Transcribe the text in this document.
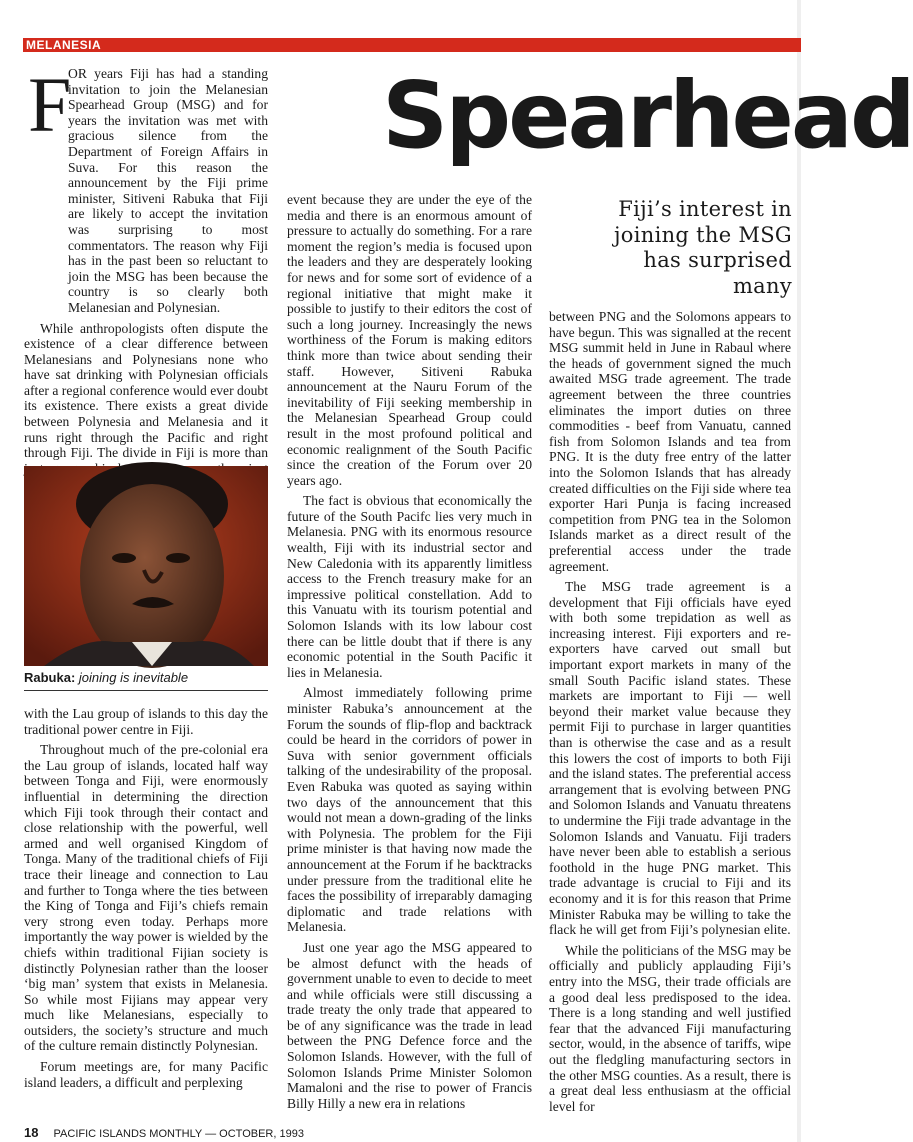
MELANESIA
Spearhead
F

OR years Fiji has had a standing invitation to join the Melanesian Spearhead Group (MSG) and for years the invitation was met with gracious silence from the Department of Foreign Affairs in Suva. For this reason the announcement by the Fiji prime minister, Sitiveni Rabuka that Fiji are likely to accept the invitation was surprising to most commentators. The reason why Fiji has in the past been so reluctant to join the MSG has been because the country is so clearly both Melanesian and Polynesian.

While anthropologists often dispute the existence of a clear difference between Melanesians and Polynesians none who have sat drinking with Polynesian officials after a regional conference would ever doubt its existence. There exists a great divide between Polynesia and Melanesia and it runs right through the Pacific and right through Fiji. The divide in Fiji is more than

Rabuka: joining is inevitable

with the Lau group of islands to this day the traditional power centre in Fiji.

Throughout much of the pre-colonial era the Lau group of islands, located half way between Tonga and Fiji, were enormously influential in determining the direction which Fiji took through their contact and close relationship with the powerful, well armed and well organised Kingdom of Tonga. Many of the traditional chiefs of Fiji trace their lineage and connection to Lau and further to Tonga where the ties between the King of Tonga and Fiji’s chiefs remain very strong even today. Perhaps more importantly the way power is wielded by the chiefs within traditional Fijian society is distinctly Polynesian rather than the looser ‘big man’ system that exists in Melanesia. So while most Fijians may appear very much like Melanesians, especially to outsiders, the society’s structure and much of the culture remain distinctly Polynesian.

Forum meetings are, for many Pacific island leaders, a difficult and perplexing

event because they are under the eye of the media and there is an enormous amount of pressure to actually do something. For a rare moment the region’s media is focused upon the leaders and they are desperately looking for news and for some sort of evidence of a regional initiative that might make it possible to justify to their editors the cost of such a long journey. Increasingly the news worthiness of the Forum is making editors think more than twice about sending their staff. However, Sitiveni Rabuka announcement at the Nauru Forum of the inevitability of Fiji seeking membership in the Melanesian Spearhead Group could result in the most profound political and economic realignment of the South Pacific since the creation of the Forum over 20 years ago.

The fact is obvious that economically the future of the South Pacifc lies very much in Melanesia. PNG with its enormous resource wealth, Fiji with its industrial sector and New Caledonia with its apparently limitless access to the French treasury make for an impressive political constellation. Add to this Vanuatu with its tourism potential and Solomon Islands with its low labour cost there can be little doubt that if there is any economic potential in the South Pacific it lies in Melanesia.

Almost immediately following prime minister Rabuka’s announcement at the Forum the sounds of flip-flop and backtrack could be heard in the corridors of power in Suva with senior government officials talking of the undesirability of the proposal. Even Rabuka was quoted as saying within two days of the announcement that this would not mean a down-grading of the links with Polynesia. The problem for the Fiji prime minister is that having now made the announcement at the Forum if he backtracks under pressure from the traditional elite he faces the possibility of irreparably damaging diplomatic and trade relations with Melanesia.

Just one year ago the MSG appeared to be almost defunct with the heads of government unable to even to decide to meet and while officials were still discussing a trade treaty the only trade that appeared to be of any significance was the trade in lead between the PNG Defence force and the Solomon Islands. However, with the full of Solomon Islands Prime Minister Solomon Mamaloni and the rise to power of Francis Billy Hilly a new era in relations

Fiji’s interest in joining the MSG has surprised many

between PNG and the Solomons appears to have begun. This was signalled at the recent MSG summit held in June in Rabaul where the heads of government signed the much awaited MSG trade agreement. The trade agreement between the three countries eliminates the import duties on three commodities - beef from Vanuatu, canned fish from Solomon Islands and tea from PNG. It is the duty free entry of the latter into the Solomon Islands that has already created difficulties on the Fiji side where tea exporter Hari Punja is facing increased competition from PNG tea in the Solomon Islands market as a direct result of the preferential access under the trade agreement.

The MSG trade agreement is a development that Fiji officials have eyed with both some trepidation as well as increasing interest. Fiji exporters and re-exporters have carved out small but important export markets in many of the small South Pacific island states. These markets are important to Fiji — well beyond their market value because they permit Fiji to purchase in larger quantities than is otherwise the case and as a result this lowers the cost of imports to both Fiji and the island states. The preferential access arrangement that is evolving between PNG and Solomon Islands and Vanuatu threatens to undermine the Fiji trade advantage in the Solomon Islands and Vanuatu. Fiji traders have never been able to establish a serious foothold in the huge PNG market. This trade advantage is crucial to Fiji and its economy and it is for this reason that Prime Minister Rabuka may be willing to take the flack he will get from Fiji’s polynesian elite.

While the politicians of the MSG may be officially and publicly applauding Fiji’s entry into the MSG, their trade officials are a good deal less predisposed to the idea. There is a long standing and well justified fear that the advanced Fiji manufacturing sector, would, in the absence of tariffs, wipe out the fledgling manufacturing sectors in the other MSG counties. As a result, there is a great deal less enthusiasm at the official level for

18 PACIFIC ISLANDS MONTHLY — OCTOBER, 1993
